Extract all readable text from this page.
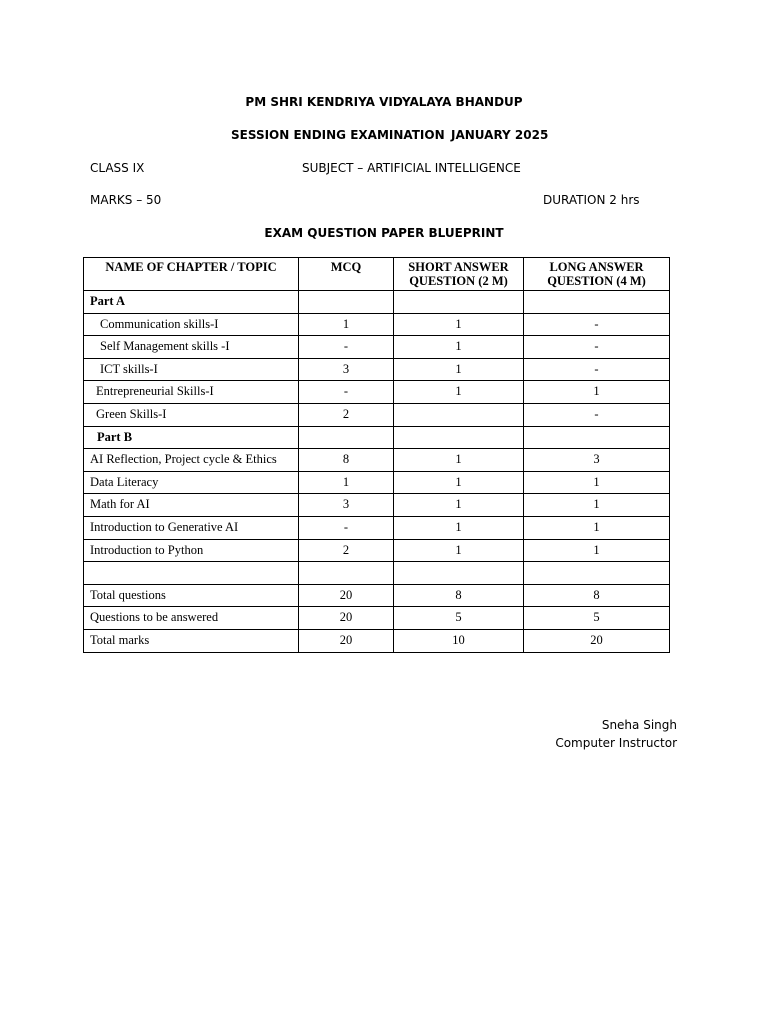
PM SHRI KENDRIYA VIDYALAYA BHANDUP
SESSION ENDING EXAMINATION JANUARY 2025
CLASS IX	SUBJECT – ARTIFICIAL INTELLIGENCE
MARKS – 50	DURATION 2 hrs
EXAM QUESTION PAPER BLUEPRINT
NAME OF CHAPTER / TOPIC	MCQ	SHORT ANSWER QUESTION (2 M)	LONG ANSWER QUESTION (4 M)
Part A			
Communication skills-I	1	1	-
Self Management skills -I	-	1	-
ICT skills-I	3	1	-
Entrepreneurial Skills-I	-	1	1
Green Skills-I	2		-
Part B			
AI Reflection, Project cycle & Ethics	8	1	3
Data Literacy	1	1	1
Math for AI	3	1	1
Introduction to Generative AI	-	1	1
Introduction to Python	2	1	1

Total questions	20	8	8
Questions to be answered	20	5	5
Total marks	20	10	20
Sneha Singh
Computer Instructor
